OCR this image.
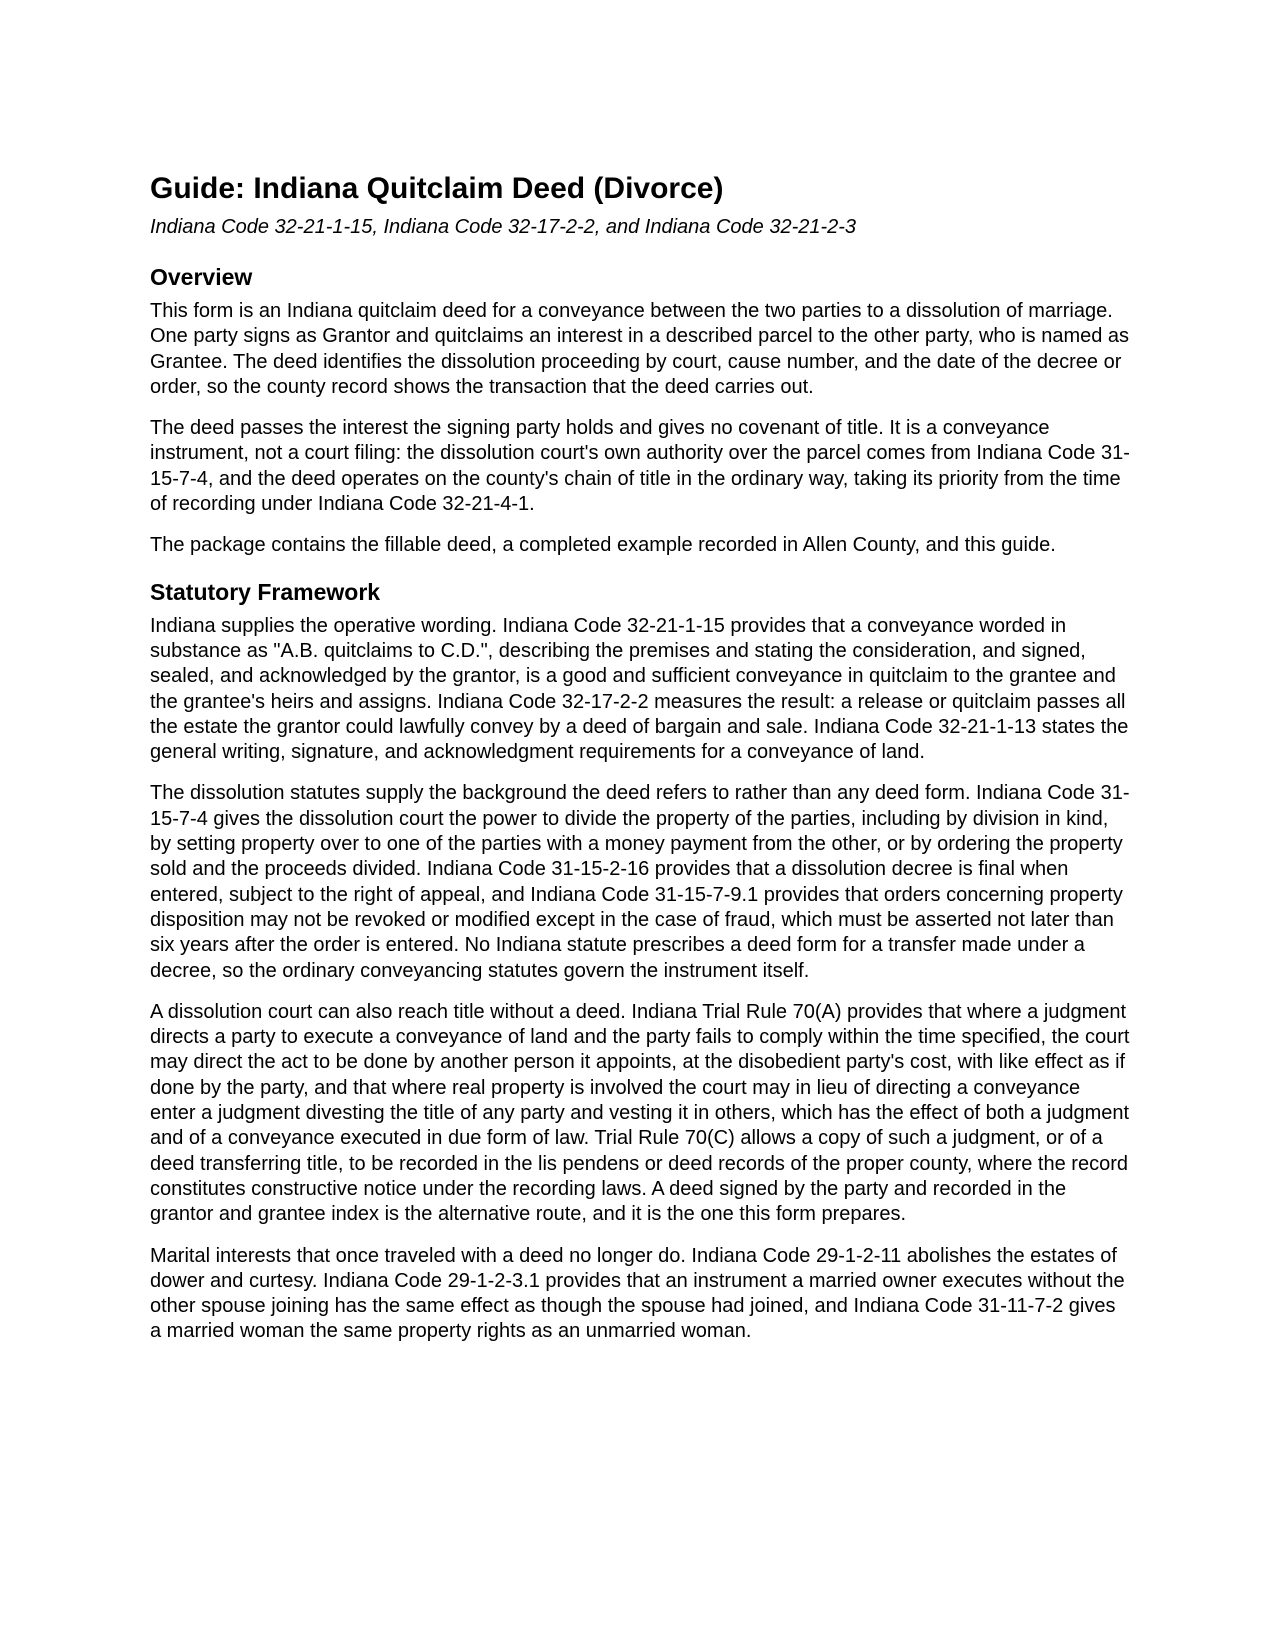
Guide: Indiana Quitclaim Deed (Divorce)
Indiana Code 32-21-1-15, Indiana Code 32-17-2-2, and Indiana Code 32-21-2-3
Overview

This form is an Indiana quitclaim deed for a conveyance between the two parties to a dissolution of marriage. One party signs as Grantor and quitclaims an interest in a described parcel to the other party, who is named as Grantee. The deed identifies the dissolution proceeding by court, cause number, and the date of the decree or order, so the county record shows the transaction that the deed carries out.

The deed passes the interest the signing party holds and gives no covenant of title. It is a conveyance instrument, not a court filing: the dissolution court's own authority over the parcel comes from Indiana Code 31-15-7-4, and the deed operates on the county's chain of title in the ordinary way, taking its priority from the time of recording under Indiana Code 32-21-4-1.

The package contains the fillable deed, a completed example recorded in Allen County, and this guide.

Statutory Framework

Indiana supplies the operative wording. Indiana Code 32-21-1-15 provides that a conveyance worded in substance as "A.B. quitclaims to C.D.", describing the premises and stating the consideration, and signed, sealed, and acknowledged by the grantor, is a good and sufficient conveyance in quitclaim to the grantee and the grantee's heirs and assigns. Indiana Code 32-17-2-2 measures the result: a release or quitclaim passes all the estate the grantor could lawfully convey by a deed of bargain and sale. Indiana Code 32-21-1-13 states the general writing, signature, and acknowledgment requirements for a conveyance of land.

The dissolution statutes supply the background the deed refers to rather than any deed form. Indiana Code 31-15-7-4 gives the dissolution court the power to divide the property of the parties, including by division in kind, by setting property over to one of the parties with a money payment from the other, or by ordering the property sold and the proceeds divided. Indiana Code 31-15-2-16 provides that a dissolution decree is final when entered, subject to the right of appeal, and Indiana Code 31-15-7-9.1 provides that orders concerning property disposition may not be revoked or modified except in the case of fraud, which must be asserted not later than six years after the order is entered. No Indiana statute prescribes a deed form for a transfer made under a decree, so the ordinary conveyancing statutes govern the instrument itself.

A dissolution court can also reach title without a deed. Indiana Trial Rule 70(A) provides that where a judgment directs a party to execute a conveyance of land and the party fails to comply within the time specified, the court may direct the act to be done by another person it appoints, at the disobedient party's cost, with like effect as if done by the party, and that where real property is involved the court may in lieu of directing a conveyance enter a judgment divesting the title of any party and vesting it in others, which has the effect of both a judgment and of a conveyance executed in due form of law. Trial Rule 70(C) allows a copy of such a judgment, or of a deed transferring title, to be recorded in the lis pendens or deed records of the proper county, where the record constitutes constructive notice under the recording laws. A deed signed by the party and recorded in the grantor and grantee index is the alternative route, and it is the one this form prepares.

Marital interests that once traveled with a deed no longer do. Indiana Code 29-1-2-11 abolishes the estates of dower and curtesy. Indiana Code 29-1-2-3.1 provides that an instrument a married owner executes without the other spouse joining has the same effect as though the spouse had joined, and Indiana Code 31-11-7-2 gives a married woman the same property rights as an unmarried woman.
